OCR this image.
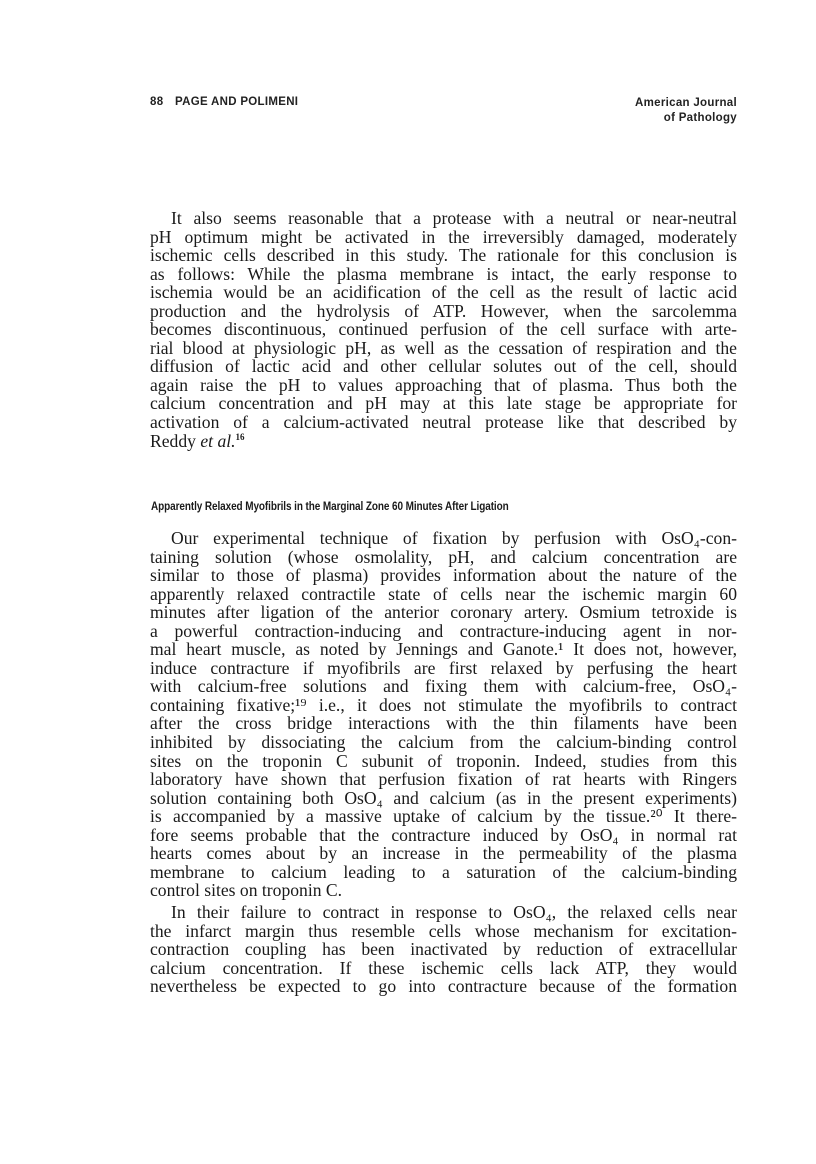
88 PAGE AND POLIMENI	American Journal
of Pathology
It also seems reasonable that a protease with a neutral or near-neutral
pH optimum might be activated in the irreversibly damaged, moderately
ischemic cells described in this study. The rationale for this conclusion is
as follows: While the plasma membrane is intact, the early response to
ischemia would be an acidification of the cell as the result of lactic acid
production and the hydrolysis of ATP. However, when the sarcolemma
becomes discontinuous, continued perfusion of the cell surface with arte-
rial blood at physiologic pH, as well as the cessation of respiration and the
diffusion of lactic acid and other cellular solutes out of the cell, should
again raise the pH to values approaching that of plasma. Thus both the
calcium concentration and pH may at this late stage be appropriate for
activation of a calcium-activated neutral protease like that described by
Reddy et al.$^{16}$
Apparently Relaxed Myofibrils in the Marginal Zone 60 Minutes After Ligation
Our experimental technique of fixation by perfusion with OsO₄-con-
taining solution (whose osmolality, pH, and calcium concentration are
similar to those of plasma) provides information about the nature of the
apparently relaxed contractile state of cells near the ischemic margin 60
minutes after ligation of the anterior coronary artery. Osmium tetroxide is
a powerful contraction-inducing and contracture-inducing agent in nor-
mal heart muscle, as noted by Jennings and Ganote.¹ It does not, however,
induce contracture if myofibrils are first relaxed by perfusing the heart
with calcium-free solutions and fixing them with calcium-free, OsO₄-
containing fixative;¹⁹ i.e., it does not stimulate the myofibrils to contract
after the cross bridge interactions with the thin filaments have been
inhibited by dissociating the calcium from the calcium-binding control
sites on the troponin C subunit of troponin. Indeed, studies from this
laboratory have shown that perfusion fixation of rat hearts with Ringers
solution containing both OsO₄ and calcium (as in the present experiments)
is accompanied by a massive uptake of calcium by the tissue.²⁰ It there-
fore seems probable that the contracture induced by OsO₄ in normal rat
hearts comes about by an increase in the permeability of the plasma
membrane to calcium leading to a saturation of the calcium-binding
control sites on troponin C.
In their failure to contract in response to OsO₄, the relaxed cells near
the infarct margin thus resemble cells whose mechanism for excitation-
contraction coupling has been inactivated by reduction of extracellular
calcium concentration. If these ischemic cells lack ATP, they would
nevertheless be expected to go into contracture because of the formation
